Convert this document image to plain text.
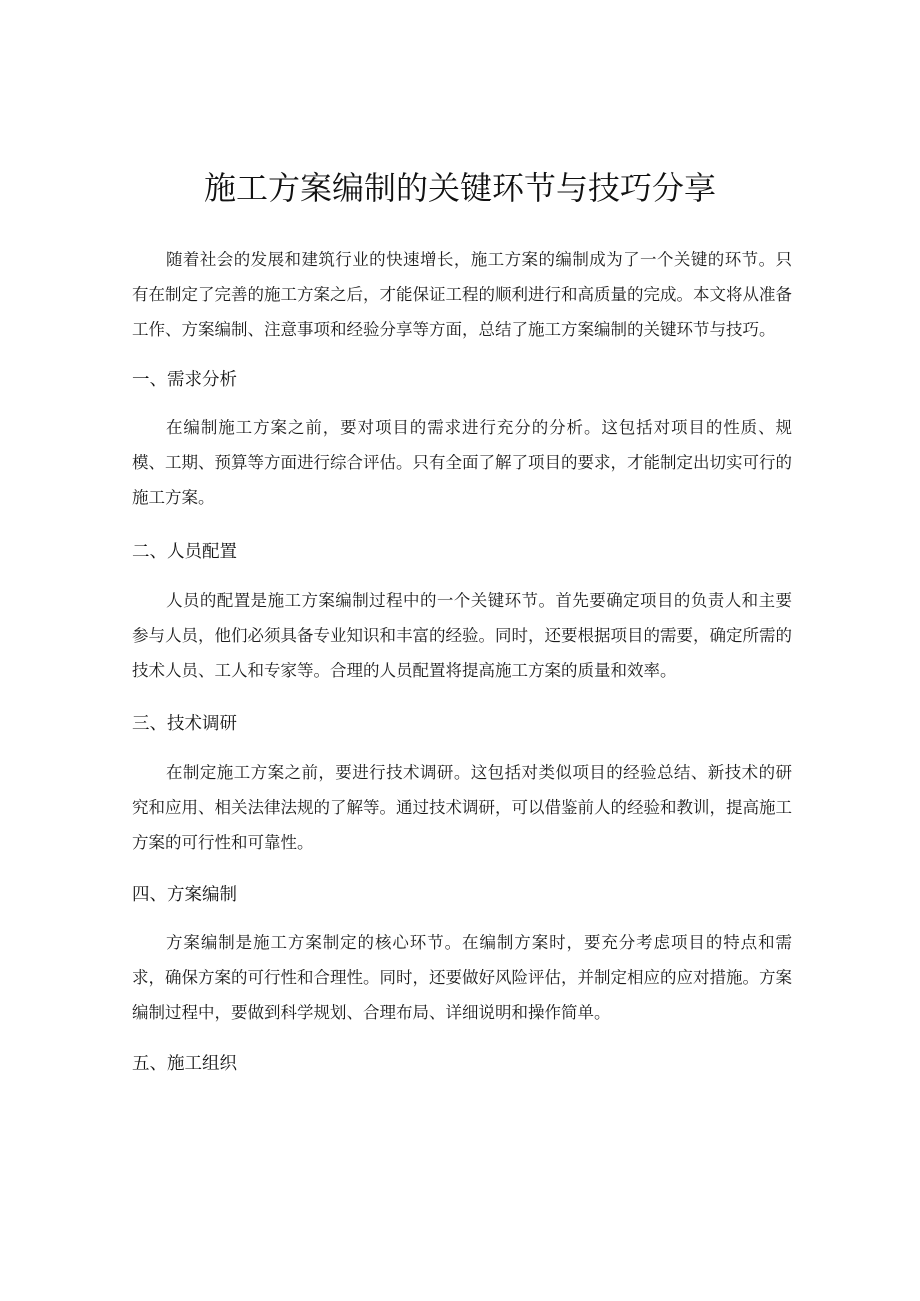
施工方案编制的关键环节与技巧分享

随着社会的发展和建筑行业的快速增长，施工方案的编制成为了一个关键的环节。只有在制定了完善的施工方案之后，才能保证工程的顺利进行和高质量的完成。本文将从准备工作、方案编制、注意事项和经验分享等方面，总结了施工方案编制的关键环节与技巧。

一、需求分析

在编制施工方案之前，要对项目的需求进行充分的分析。这包括对项目的性质、规模、工期、预算等方面进行综合评估。只有全面了解了项目的要求，才能制定出切实可行的施工方案。

二、人员配置

人员的配置是施工方案编制过程中的一个关键环节。首先要确定项目的负责人和主要参与人员，他们必须具备专业知识和丰富的经验。同时，还要根据项目的需要，确定所需的技术人员、工人和专家等。合理的人员配置将提高施工方案的质量和效率。

三、技术调研

在制定施工方案之前，要进行技术调研。这包括对类似项目的经验总结、新技术的研究和应用、相关法律法规的了解等。通过技术调研，可以借鉴前人的经验和教训，提高施工方案的可行性和可靠性。

四、方案编制

方案编制是施工方案制定的核心环节。在编制方案时，要充分考虑项目的特点和需求，确保方案的可行性和合理性。同时，还要做好风险评估，并制定相应的应对措施。方案编制过程中，要做到科学规划、合理布局、详细说明和操作简单。

五、施工组织
